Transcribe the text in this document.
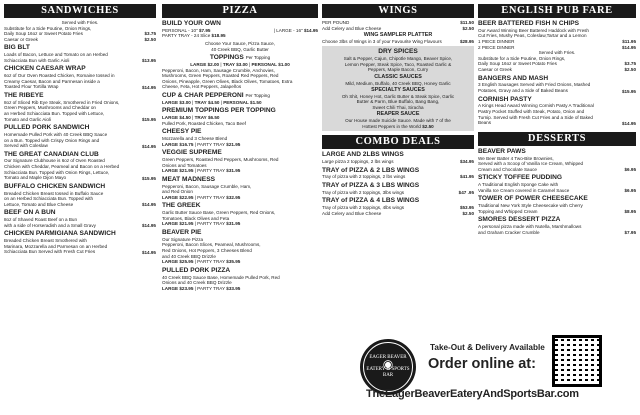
SANDWICHES
Served with Fries.
Substitute for a Side Poutine, Onion Rings,
Daily Soup 16oz or Sweet Potato Fries	$3.75
Caesar or Greek	$2.50
BIG BLT
Loads of Bacon, Lettuce and Tomato on an Herbed
Schiacciata Bun with Garlic Aioli	$13.95
CHICKEN CAESAR WRAP
6oz of Our Oven Roasted Chicken, Romaine tossed in
Creamy Caesar, Bacon and Parmesan inside a
Toasted Flour Tortilla Wrap	$14.95
THE RIBEYE
8oz of Sliced Rib Eye Steak, Smothered in Fried Onions,
Green Peppers, Mushrooms and Cheddar on
an Herbed Schiacciata Bun. Topped with Lettuce,
Tomato and Garlic Aioli	$15.95
PULLED PORK SANDWICH
Homemade Pulled Pork with 40 Creek BBQ Sauce
on a Bun. Topped with Crispy Onion Rings and
Served with Coleslaw	$14.95
THE GREAT CANADIAN CLUB
Our Signature Clubhouse is 6oz of Oven Roasted
Chicken with Cheddar, Peameal and Bacon on a Herbed
Schiacciata Bun. Topped with Onion Rings, Lettuce,
Tomato and Maple Dijon Mayo	$15.95
BUFFALO CHICKEN SANDWICH
Breaded Chicken Breast tossed in Buffalo Sauce
on an Herbed Schiacciata Bun. Topped with
Lettuce, Tomato and Blue Cheese	$14.95
BEEF ON A BUN
8oz of Shaved Roast Beef on a Bun
with a side of Horseradish and a Small Gravy	$14.95
CHICKEN PARMIGIANA SANDWICH
Breaded Chicken Breast Smothered with
Marinara, Mozzarella and Parmesan on an Herbed
Schiacciata Bun Served with Fresh Cut Fries	$14.95
PIZZA
BUILD YOUR OWN
PERSONAL - 10" $7.95	| LARGE - 16" $14.95
PARTY TRAY - 24 Slice $18.95
Choose Your Sauce, Pizza Sauce,
40 Creek BBQ, Garlic Butter
TOPPINGS Per Topping
LARGE $2.00 | TRAY $3.00 | PERSONAL $1.00
Pepperoni, Bacon, Ham, Sausage Crumble, Anchovies,
Mushrooms, Green Peppers, Roasted Red Peppers, Red
Onions, Pineapple, Green Olives, Black Olives, Tomatoes, Extra
Cheese, Feta, Hot Peppers, Jalapeños
CUP & CHAR PEPPERONI Per Topping
LARGE $3.00 | TRAY $4.50 | PERSONAL $1.50
PREMIUM TOPPINGS PER TOPPING
LARGE $4.50 | TRAY $6.50
Pulled Pork, Roasted Chicken, Taco Beef
CHEESY PIE
Mozzarella and 3 Cheese Blend
LARGE $16.75 | PARTY TRAY $21.95
VEGGIE SUPREME
Green Peppers, Roasted Red Peppers, Mushrooms, Red
Onions and Tomatoes
LARGE $21.95 | PARTY TRAY $31.95
MEAT MADNESS
Pepperoni, Bacon, Sausage Crumble, Ham,
and Red Onion
LARGE $22.95 | PARTY TRAY $32.95
THE GREEK
Garlic Butter Sauce Base, Green Peppers, Red Onions,
Tomatoes, Black Olives and Feta
LARGE $21.95 | PARTY TRAY $31.95
BEAVER PIE
Our Signature Pizza
Pepperoni, Bacon Slices, Peameal, Mushrooms,
Red Onions, Hot Peppers, 3 Cheeses Blend
and 40 Creek BBQ Drizzle
LARGE $25.95 | PARTY TRAY $35.95
PULLED PORK PIZZA
40 Creek BBQ Sauce Base, Homemade Pulled Pork, Red
Onions and 40 Creek BBQ Drizzle
LARGE $23.95 | PARTY TRAY $33.95
WINGS
PER POUND	$11.50
Add Celery and Blue Cheese	$2.50
WING SAMPLER PLATTER
Choose 3lbs of Wings in 3 of your Favourite Wing Flavours	$28.95
DRY SPICES
Salt & Pepper, Cajun, Chipotle Mango, Beaver Spice,
Lemon Pepper, Steak Spice, Taco, Roasted Garlic &
Peppers, Maple Bacon, Curry
CLASSIC SAUCES
Mild, Medium, Buffalo, 40 Creek BBQ, Honey Garlic
SPECIALTY SAUCES
Oh Shit, Honey Hot, Garlic Butter & Steak Spice, Garlic
Butter & Parm, Blue Buffalo, Bang Bang,
Sweet Chili Thai, Siracha
REAPER SAUCE
Our House made Suicide Sauce. Made with 7 of the
Hottest Peppers in the World $2.50
COMBO DEALS
LARGE AND 2LBS WINGS
Large pizza 2 toppings, 2 lbs wings	$34.95
TRAY of PIZZA & 2 LBS WINGS
Tray of pizza with 2 toppings, 2 lbs wings	$41.95
TRAY of PIZZA & 3 LBS WINGS
Tray of pizza with 2 toppings, 3lbs wings	$47 .95
TRAY of PIZZA & 4 LBS WINGS
Tray of pizza with 2 toppings, 4lbs wings	$53.95
Add Celery and Blue Cheese	$2.50
ENGLISH PUB FARE
BEER BATTERED FISH N CHIPS
Our Award Winning Beer Battered Haddock with Fresh
Cut Fries, Mushy Peas, Coleslaw,Tartar and a Lemon
1 PIECE DINNER	$11.95
2 PIECE DINNER	$14.95
Served with Fries.
Substitute for a Side Poutine, Onion Rings,
Daily Soup 16oz or Sweet Potato Fries	$3.75
Caesar or Greek	$2.50
BANGERS AND MASH
3 English Sausages Served with Fried Onions, Mashed
Potatoes, Gravy and a Side of Baked Beans	$15.95
CORNISH PASTY
A Kings Head Award Winning Cornish Pasty A Traditional
Pastry Pocket Stuffed with Steak, Potato, Onion and
Turnip. Served with Fresh Cut Fries and a Side of Baked
Beans	$14.95
DESSERTS
BEAVER PAWS
We Beer Batter 4 Two-Bite Brownies,
Served with a Scoop of Vanilla Ice Cream, Whipped
Cream and Chocolate Sauce	$6.95
STICKY TOFFEE PUDDING
A Traditional English Sponge Cake with
Vanilla Ice Cream covered in Caramel Sauce	$6.95
TOWER OF POWER CHEESECAKE
Traditional New York Style Cheesecake with Cherry
Topping and Whipped Cream	$8.95
SMORES DESSERT PIZZA
A personal pizza made with Nutella, Marshmallows
and Graham Cracker Crumble	$7.95
EAGER BEAVER
◉
EATERY & SPORTS BAR
Take-Out & Delivery Available
Order online at:
TheEagerBeaverEateryAndSportsBar.com
